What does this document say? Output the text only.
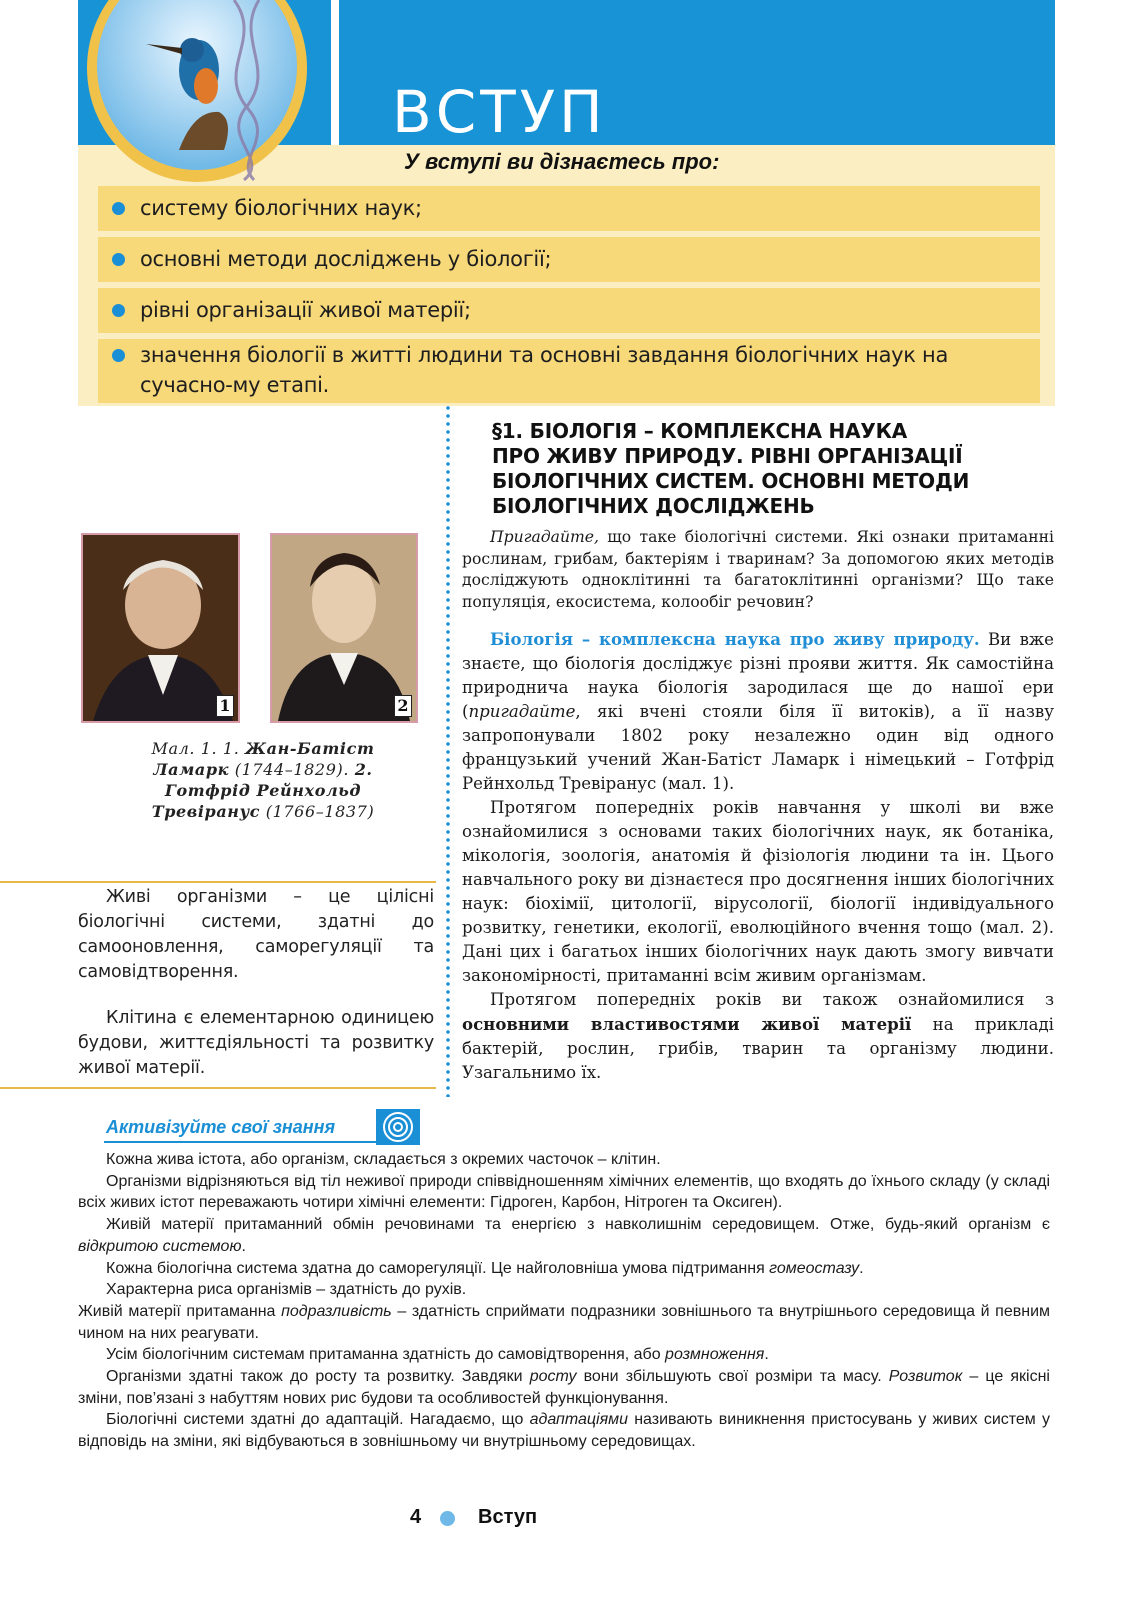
ВСТУП
У вступі ви дізнаєтесь про:
систему біологічних наук;
основні методи досліджень у біології;
рівні організації живої матерії;
значення біології в житті людини та основні завдання біологічних наук на сучасно-му етапі.
§1. БІОЛОГІЯ – КОМПЛЕКСНА НАУКА
ПРО ЖИВУ ПРИРОДУ. РІВНІ ОРГАНІЗАЦІЇ
БІОЛОГІЧНИХ СИСТЕМ. ОСНОВНІ МЕТОДИ
БІОЛОГІЧНИХ ДОСЛІДЖЕНЬ
Пригадайте, що таке біологічні системи. Які ознаки притаманні рослинам, грибам, бактеріям і тваринам? За допомогою яких методів досліджують одноклітинні та багатоклітинні організми? Що таке популяція, екосистема, колообіг речовин?
Біологія – комплексна наука про живу природу. Ви вже знаєте, що біологія досліджує різні прояви життя. Як самостійна природнича наука біологія зародилася ще до нашої ери (пригадайте, які вчені стояли біля її витоків), а її назву запропонували 1802 року незалежно один від одного французький учений Жан-Батіст Ламарк і німецький – Готфрід Рейнхольд Тревіранус (мал. 1).
Протягом попередніх років навчання у школі ви вже ознайомилися з основами таких біологічних наук, як ботаніка, мікологія, зоологія, анатомія й фізіологія людини та ін. Цього навчального року ви дізнаєтеся про досягнення інших біологічних наук: біохімії, цитології, вірусології, біології індивідуального розвитку, генетики, екології, еволюційного вчення тощо (мал. 2). Дані цих і багатьох інших біологічних наук дають змогу вивчати закономірності, притаманні всім живим організмам.
Протягом попередніх років ви також ознайомилися з основними властивостями живої матерії на прикладі бактерій, рослин, грибів, тварин та організму людини. Узагальнимо їх.
1	2
Мал. 1. 1. Жан-Батіст Ламарк (1744–1829). 2. Готфрід Рейнхольд Тревіранус (1766–1837)
Живі організми – це цілісні біологічні системи, здатні до самооновлення, саморегуляції та самовідтворення.
Клітина є елементарною одиницею будови, життєдіяльності та розвитку живої матерії.
Активізуйте свої знання

Кожна жива істота, або організм, складається з окремих часточок – клітин.

Організми відрізняються від тіл неживої природи співвідношенням хімічних елементів, що входять до їхнього складу (у складі всіх живих істот переважають чотири хімічні елементи: Гідроген, Карбон, Нітроген та Оксиген).

Живій матерії притаманний обмін речовинами та енергією з навколишнім середовищем. Отже, будь-який організм є відкритою системою.

Кожна біологічна система здатна до саморегуляції. Це найголовніша умова підтримання гомеостазу.

Характерна риса організмів – здатність до рухів.

Живій матерії притаманна подразливість – здатність сприймати подразники зовнішнього та внутрішнього середовища й певним чином на них реагувати.

Усім біологічним системам притаманна здатність до самовідтворення, або розмноження.

Організми здатні також до росту та розвитку. Завдяки росту вони збільшують свої розміри та масу. Розвиток – це якісні зміни, пов’язані з набуттям нових рис будови та особливостей функціонування.

Біологічні системи здатні до адаптацій. Нагадаємо, що адаптаціями називають виникнення пристосувань у живих систем у відповідь на зміни, які відбуваються в зовнішньому чи внутрішньому середовищах.

4	Вступ
